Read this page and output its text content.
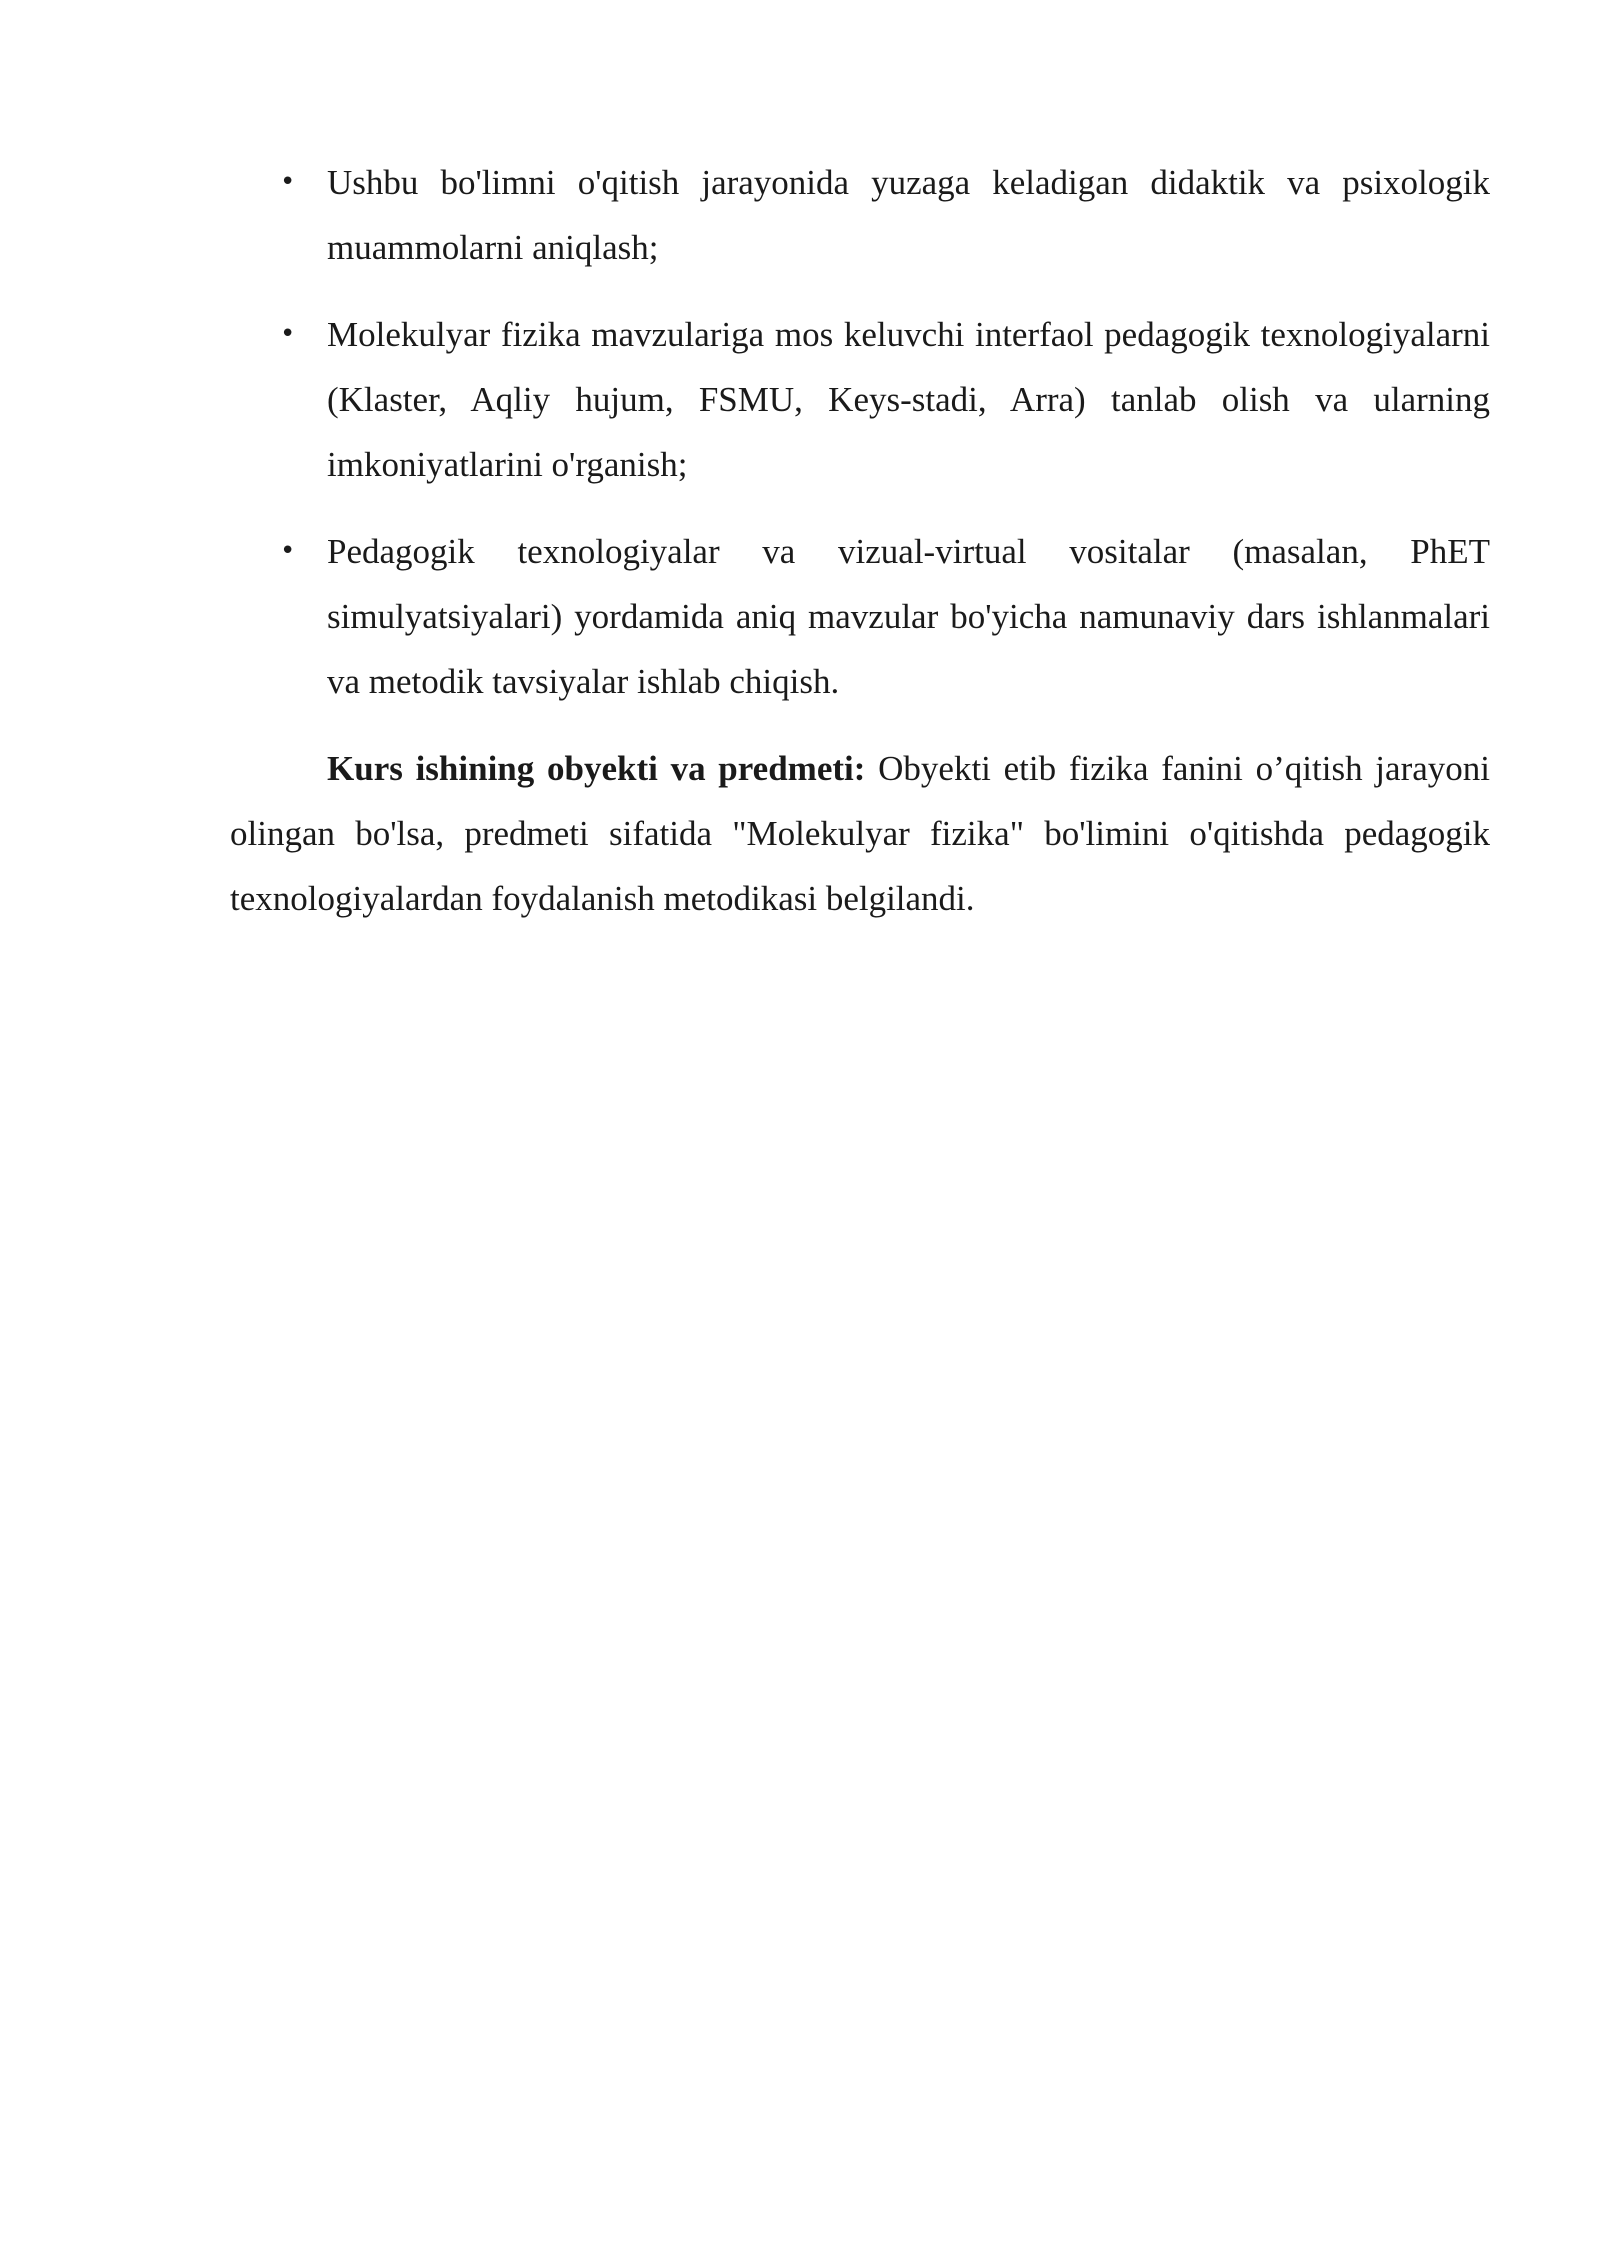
• Ushbu bo'limni o'qitish jarayonida yuzaga keladigan didaktik va psixologik muammolarni aniqlash;
• Molekulyar fizika mavzulariga mos keluvchi interfaol pedagogik texnologiyalarni (Klaster, Aqliy hujum, FSMU, Keys-stadi, Arra) tanlab olish va ularning imkoniyatlarini o'rganish;
• Pedagogik texnologiyalar va vizual-virtual vositalar (masalan, PhET simulyatsiyalari) yordamida aniq mavzular bo'yicha namunaviy dars ishlanmalari va metodik tavsiyalar ishlab chiqish.

Kurs ishining obyekti va predmeti: Obyekti etib fizika fanini o’qitish jarayoni olingan bo'lsa, predmeti sifatida "Molekulyar fizika" bo'limini o'qitishda pedagogik texnologiyalardan foydalanish metodikasi belgilandi.
